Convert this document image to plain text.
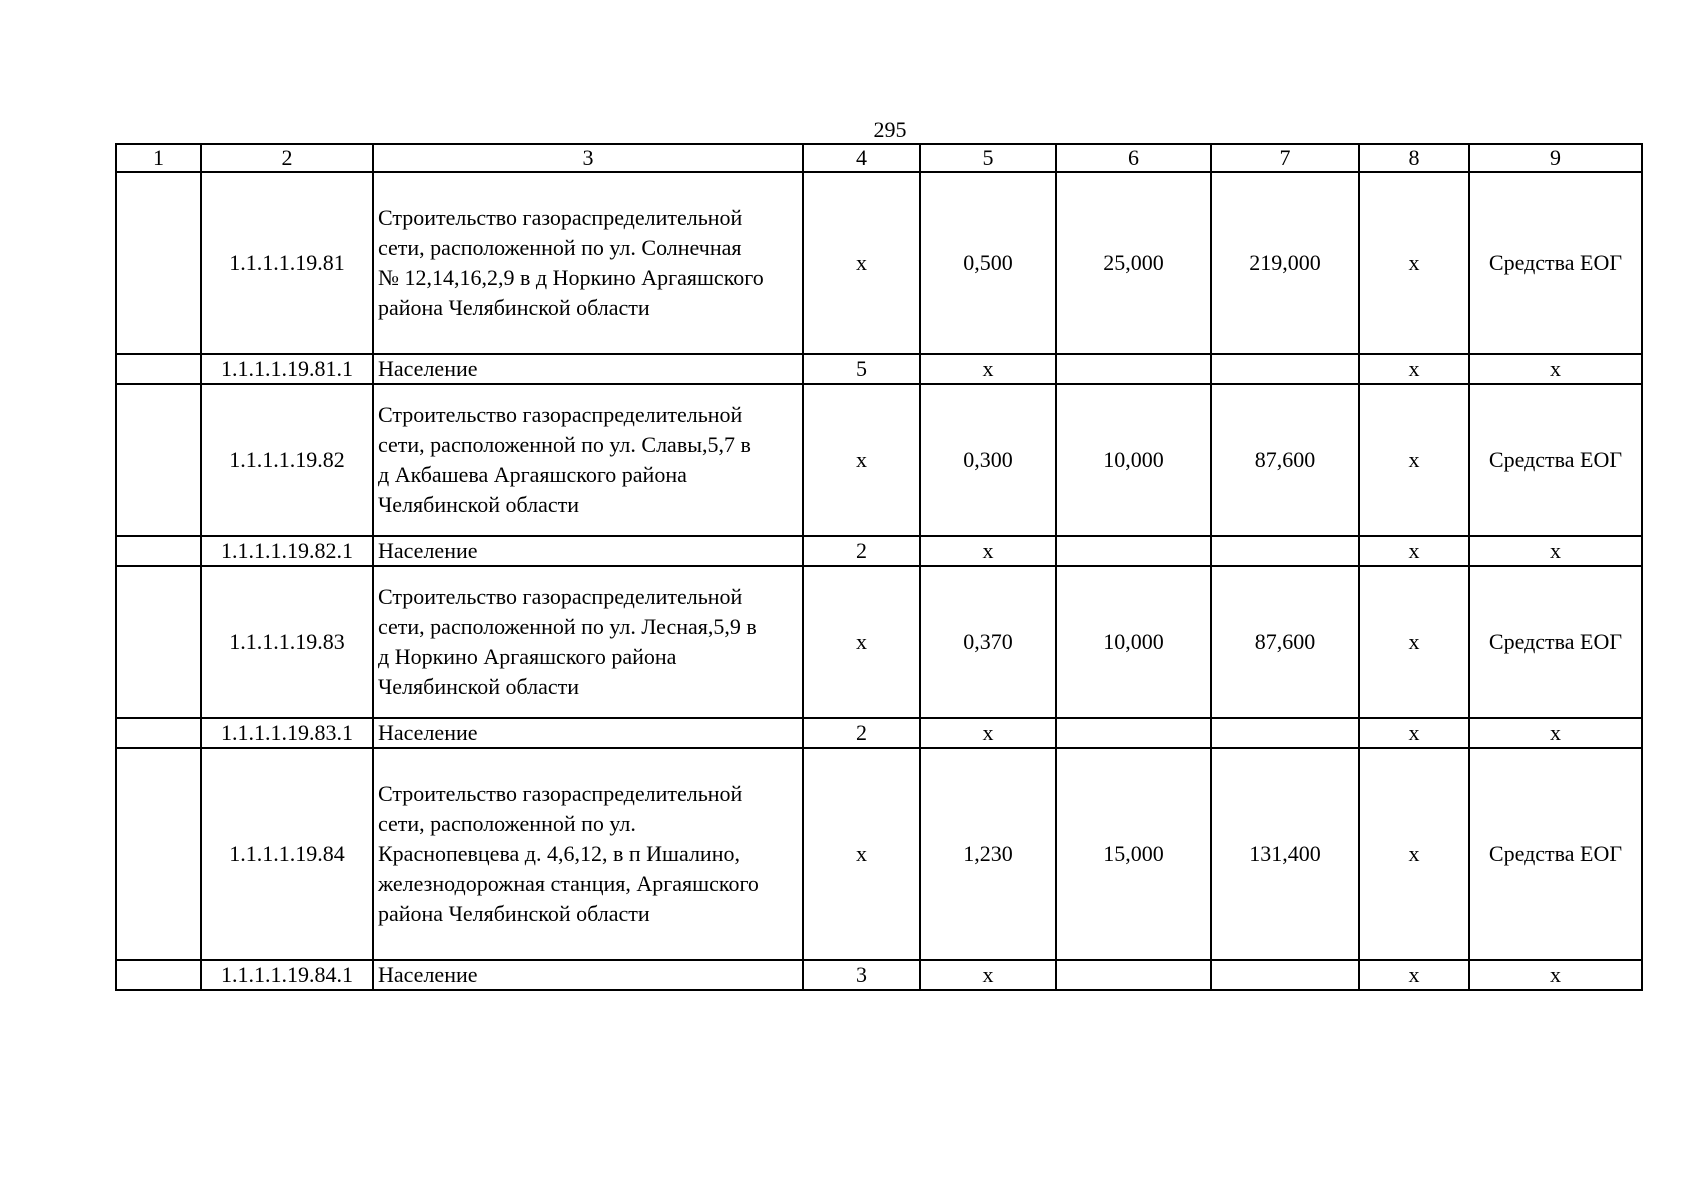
295
1	2	3	4	5	6	7	8	9
	1.1.1.1.19.81	Строительство газораспределительной
сети, расположенной по ул. Солнечная
№ 12,14,16,2,9 в д Норкино Аргаяшского
района Челябинской области	х	0,500	25,000	219,000	х	Средства ЕОГ
	1.1.1.1.19.81.1	Население	5	х			х	х
	1.1.1.1.19.82	Строительство газораспределительной
сети, расположенной по ул. Славы,5,7 в
д Акбашева Аргаяшского района
Челябинской области	х	0,300	10,000	87,600	х	Средства ЕОГ
	1.1.1.1.19.82.1	Население	2	х			х	х
	1.1.1.1.19.83	Строительство газораспределительной
сети, расположенной по ул. Лесная,5,9 в
д Норкино Аргаяшского района
Челябинской области	х	0,370	10,000	87,600	х	Средства ЕОГ
	1.1.1.1.19.83.1	Население	2	х			х	х
	1.1.1.1.19.84	Строительство газораспределительной
сети, расположенной по ул.
Краснопевцева д. 4,6,12, в п Ишалино,
железнодорожная станция, Аргаяшского
района Челябинской области	х	1,230	15,000	131,400	х	Средства ЕОГ
	1.1.1.1.19.84.1	Население	3	х			х	х
